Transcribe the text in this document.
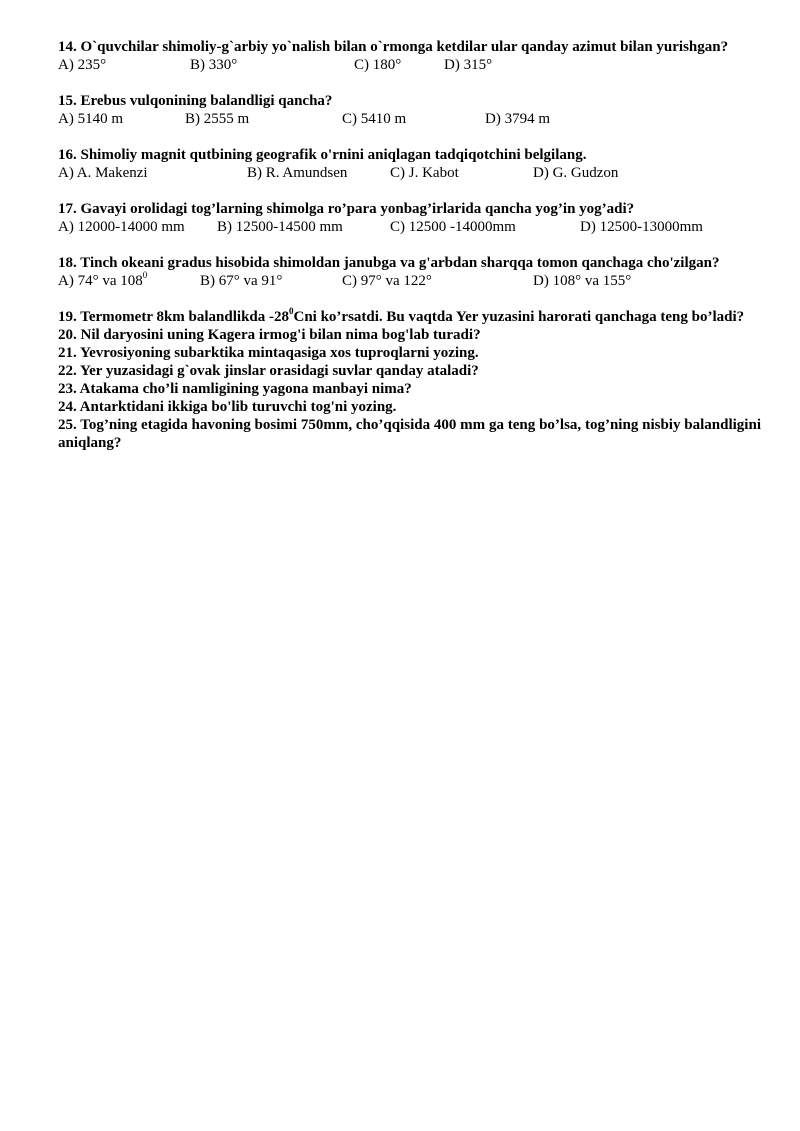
14. O`quvchilar shimoliy-g`arbiy yo`nalish bilan o`rmonga ketdilar ular qanday azimut bilan yurishgan?
A) 235°	B) 330°	C) 180°	D) 315°
15. Erebus vulqonining balandligi qancha?
A) 5140 m	B) 2555 m	C) 5410 m	D) 3794 m
16. Shimoliy magnit qutbining geografik o'rnini aniqlagan tadqiqotchini belgilang.
A) A. Makenzi	B) R. Amundsen	C) J. Kabot	D) G. Gudzon
17. Gavayi orolidagi tog’larning shimolga ro’para yonbag’irlarida qancha yog’in yog’adi?
A) 12000-14000 mm B) 12500-14500 mm	C) 12500 -14000mm	D) 12500-13000mm
18. Tinch okeani gradus hisobida shimoldan janubga va g'arbdan sharqqa tomon qanchaga cho'zilgan?
A) 74° va $108^0$	B) 67° va 91°	C) 97° va 122°	D) 108° va 155°
19. Termometr 8km balandlikda $-28^0Cni$ ko’rsatdi. Bu vaqtda Yer yuzasini harorati qanchaga teng bo’ladi?
20. Nil daryosini uning Kagera irmog'i bilan nima bog'lab turadi?
21. Yevrosiyoning subarktika mintaqasiga xos tuproqlarni yozing.
22. Yer yuzasidagi g`ovak jinslar orasidagi suvlar qanday ataladi?
23. Atakama cho’li namligining yagona manbayi nima?
24. Antarktidani ikkiga bo'lib turuvchi tog'ni yozing.
25. Tog’ning etagida havoning bosimi 750mm, cho’qqisida 400 mm ga teng bo’lsa, tog’ning nisbiy balandligini aniqlang?
